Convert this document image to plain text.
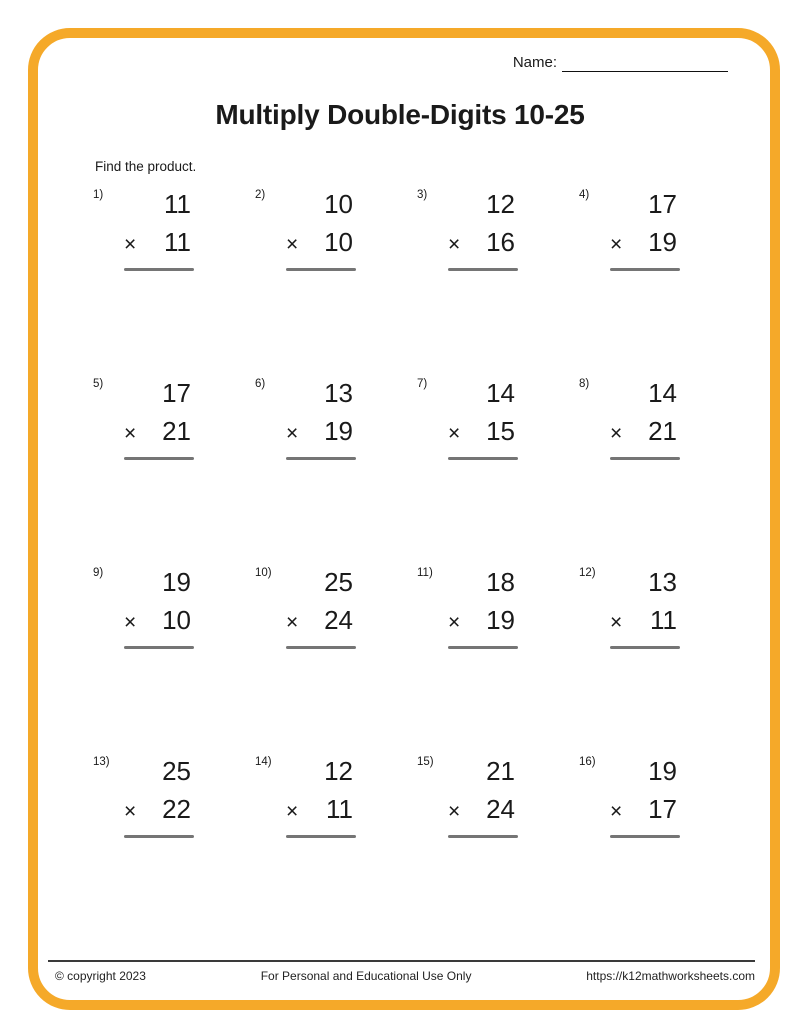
Name:
Multiply Double-Digits 10-25
Find the product.
1)	11
× 11
2)	10
× 10
3)	12
× 16
4)	17
× 19
5)	17
× 21
6)	13
× 19
7)	14
× 15
8)	14
× 21
9)	19
× 10
10)	25
× 24
11)	18
× 19
12)	13
× 11
13)	25
× 22
14)	12
× 11
15)	21
× 24
16)	19
× 17
© copyright 2023	For Personal and Educational Use Only	https://k12mathworksheets.com
